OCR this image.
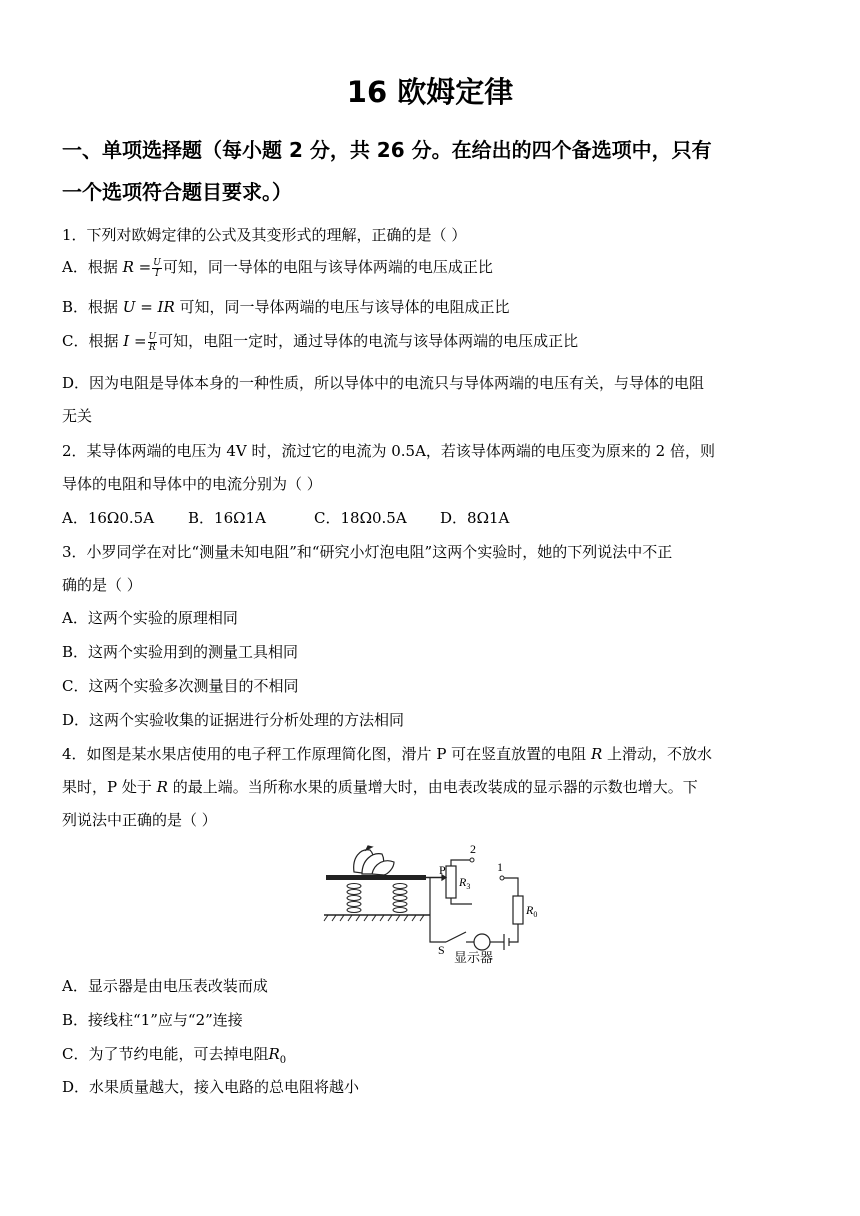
16 欧姆定律
一、单项选择题（每小题 2 分，共 26 分。在给出的四个备选项中，只有
一个选项符合题目要求。）
1．下列对欧姆定律的公式及其变形式的理解，正确的是（ ）
A．根据 $R = \frac{U}{I}$ 可知，同一导体的电阻与该导体两端的电压成正比
B．根据 U = IR 可知，同一导体两端的电压与该导体的电阻成正比
C．根据 $I = \frac{U}{R}$ 可知，电阻一定时，通过导体的电流与该导体两端的电压成正比
D．因为电阻是导体本身的一种性质，所以导体中的电流只与导体两端的电压有关，与导体的电阻
无关
2．某导体两端的电压为 4V 时，流过它的电流为 0.5A，若该导体两端的电压变为原来的 2 倍，则
导体的电阻和导体中的电流分别为（ ）
A．16Ω0.5A B．16Ω1A	C．18Ω0.5A D．8Ω1A
3．小罗同学在对比“测量未知电阻”和“研究小灯泡电阻”这两个实验时，她的下列说法中不正
确的是（ ）
A．这两个实验的原理相同
B．这两个实验用到的测量工具相同
C．这两个实验多次测量目的不相同
D．这两个实验收集的证据进行分析处理的方法相同
4．如图是某水果店使用的电子秤工作原理简化图，滑片 P 可在竖直放置的电阻 R 上滑动，不放水
果时，P 处于 R 的最上端。当所称水果的质量增大时，由电表改装成的显示器的示数也增大。下
列说法中正确的是（ ）
P
2
1
$R_3$
$R_0$
S
显示器
A．显示器是由电压表改装而成
B．接线柱“1”应与“2”连接
C．为了节约电能，可去掉电阻$R_0$
D．水果质量越大，接入电路的总电阻将越小
